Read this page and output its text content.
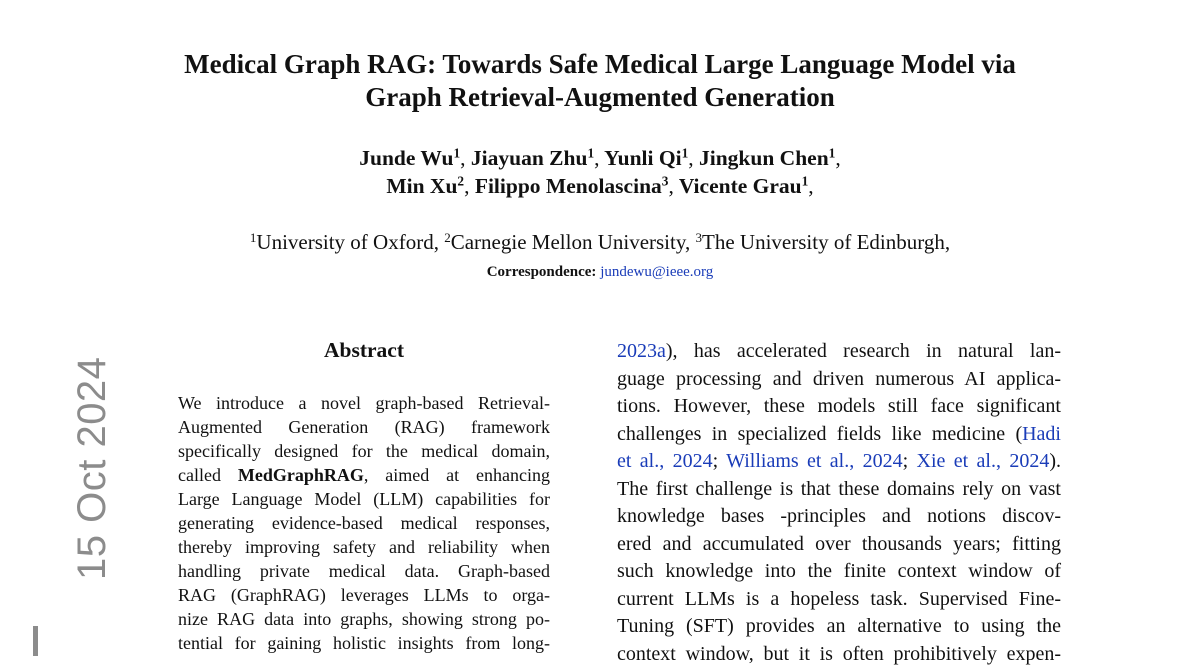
Medical Graph RAG: Towards Safe Medical Large Language Model via
Graph Retrieval-Augmented Generation
Junde Wu$^1$, Jiayuan Zhu$^1$, Yunli Qi$^1$, Jingkun Chen$^1$,
Min Xu$^2$, Filippo Menolascina$^3$, Vicente Grau$^1$,
$^1$University of Oxford, $^2$Carnegie Mellon University, $^3$The University of Edinburgh,
Correspondence: jundewu@ieee.org
Abstract
We introduce a novel graph-based Retrieval-
Augmented Generation (RAG) framework
specifically designed for the medical domain,
called MedGraphRAG, aimed at enhancing
Large Language Model (LLM) capabilities for
generating evidence-based medical responses,
thereby improving safety and reliability when
handling private medical data. Graph-based
RAG (GraphRAG) leverages LLMs to orga-
nize RAG data into graphs, showing strong po-
tential for gaining holistic insights from long-
2023a), has accelerated research in natural lan-
guage processing and driven numerous AI applica-
tions. However, these models still face significant
challenges in specialized fields like medicine (Hadi
et al., 2024; Williams et al., 2024; Xie et al., 2024).
The first challenge is that these domains rely on vast
knowledge bases -principles and notions discov-
ered and accumulated over thousands years; fitting
such knowledge into the finite context window of
current LLMs is a hopeless task. Supervised Fine-
Tuning (SFT) provides an alternative to using the
context window, but it is often prohibitively expen-
15 Oct 2024
